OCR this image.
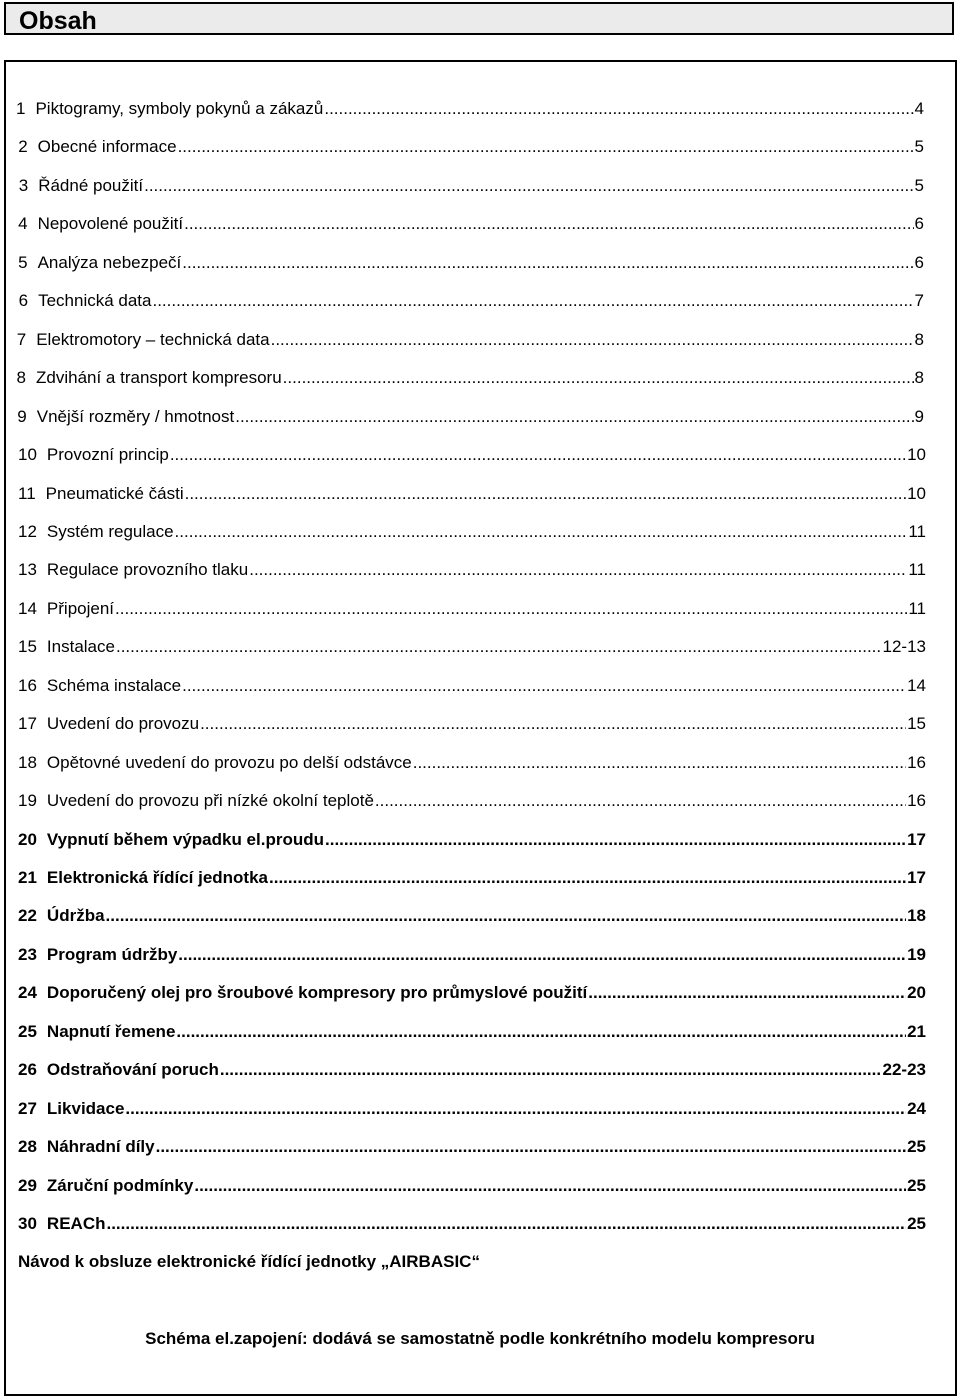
Obsah
1 Piktogramy, symboly pokynů a zákazů .....	4
2 Obecné informace .....	5
3 Řádné použití .....	5
4 Nepovolené použití .....	6
5 Analýza nebezpečí .....	6
6 Technická data .....	7
7 Elektromotory – technická data .....	8
8 Zdvihání a transport kompresoru .....	8
9 Vnější rozměry / hmotnost .....	9
10 Provozní princip .....	10
11 Pneumatické části .....	10
12 Systém regulace .....	11
13 Regulace provozního tlaku .....	11
14 Připojení .....	11
15 Instalace .....	12-13
16 Schéma instalace .....	14
17 Uvedení do provozu .....	15
18 Opětovné uvedení do provozu po delší odstávce .....	16
19 Uvedení do provozu při nízké okolní teplotě .....	16
20 Vypnutí během výpadku el.proudu .....	17
21 Elektronická řídící jednotka .....	17
22 Údržba .....	18
23 Program údržby .....	19
24 Doporučený olej pro šroubové kompresory pro průmyslové použití .....	20
25 Napnutí řemene .....	21
26 Odstraňování poruch .....	22-23
27 Likvidace .....	24
28 Náhradní díly .....	25
29 Záruční podmínky .....	25
30 REACh .....	25
Návod k obsluze elektronické řídící jednotky „AIRBASIC“
Schéma el.zapojení: dodává se samostatně podle konkrétního modelu kompresoru
